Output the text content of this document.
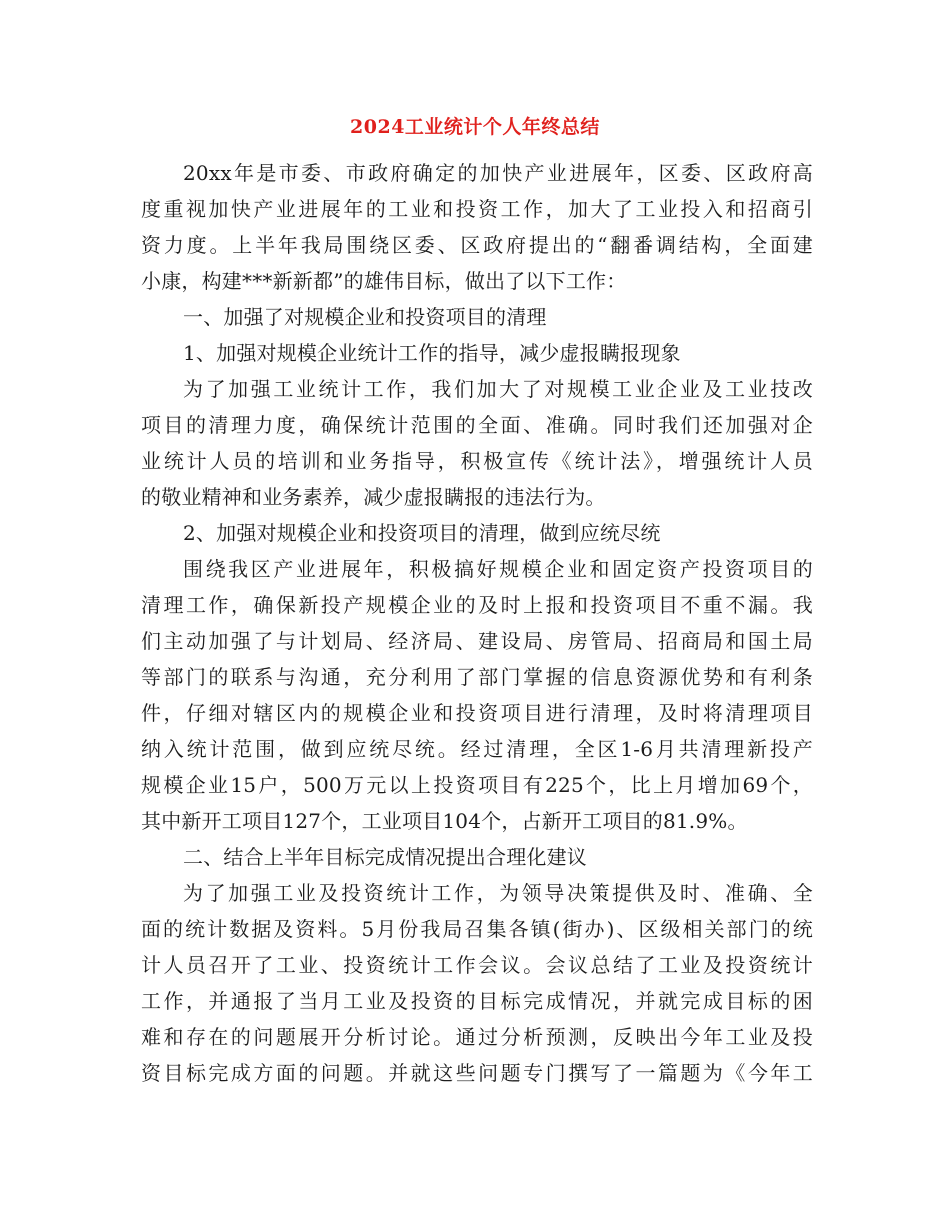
2024工业统计个人年终总结
20xx年是市委、市政府确定的加快产业进展年，区委、区政府高
度重视加快产业进展年的工业和投资工作，加大了工业投入和招商引
资力度。上半年我局围绕区委、区政府提出的“翻番调结构，全面建
小康，构建***新新都”的雄伟目标，做出了以下工作：
一、加强了对规模企业和投资项目的清理
1、加强对规模企业统计工作的指导，减少虚报瞒报现象
为了加强工业统计工作，我们加大了对规模工业企业及工业技改
项目的清理力度，确保统计范围的全面、准确。同时我们还加强对企
业统计人员的培训和业务指导，积极宣传《统计法》，增强统计人员
的敬业精神和业务素养，减少虚报瞒报的违法行为。
2、加强对规模企业和投资项目的清理，做到应统尽统
围绕我区产业进展年，积极搞好规模企业和固定资产投资项目的
清理工作，确保新投产规模企业的及时上报和投资项目不重不漏。我
们主动加强了与计划局、经济局、建设局、房管局、招商局和国土局
等部门的联系与沟通，充分利用了部门掌握的信息资源优势和有利条
件，仔细对辖区内的规模企业和投资项目进行清理，及时将清理项目
纳入统计范围，做到应统尽统。经过清理，全区1-6月共清理新投产
规模企业15户，500万元以上投资项目有225个，比上月增加69个，
其中新开工项目127个，工业项目104个，占新开工项目的81.9%。
二、结合上半年目标完成情况提出合理化建议
为了加强工业及投资统计工作，为领导决策提供及时、准确、全
面的统计数据及资料。5月份我局召集各镇(街办)、区级相关部门的统
计人员召开了工业、投资统计工作会议。会议总结了工业及投资统计
工作，并通报了当月工业及投资的目标完成情况，并就完成目标的困
难和存在的问题展开分析讨论。通过分析预测，反映出今年工业及投
资目标完成方面的问题。并就这些问题专门撰写了一篇题为《今年工
